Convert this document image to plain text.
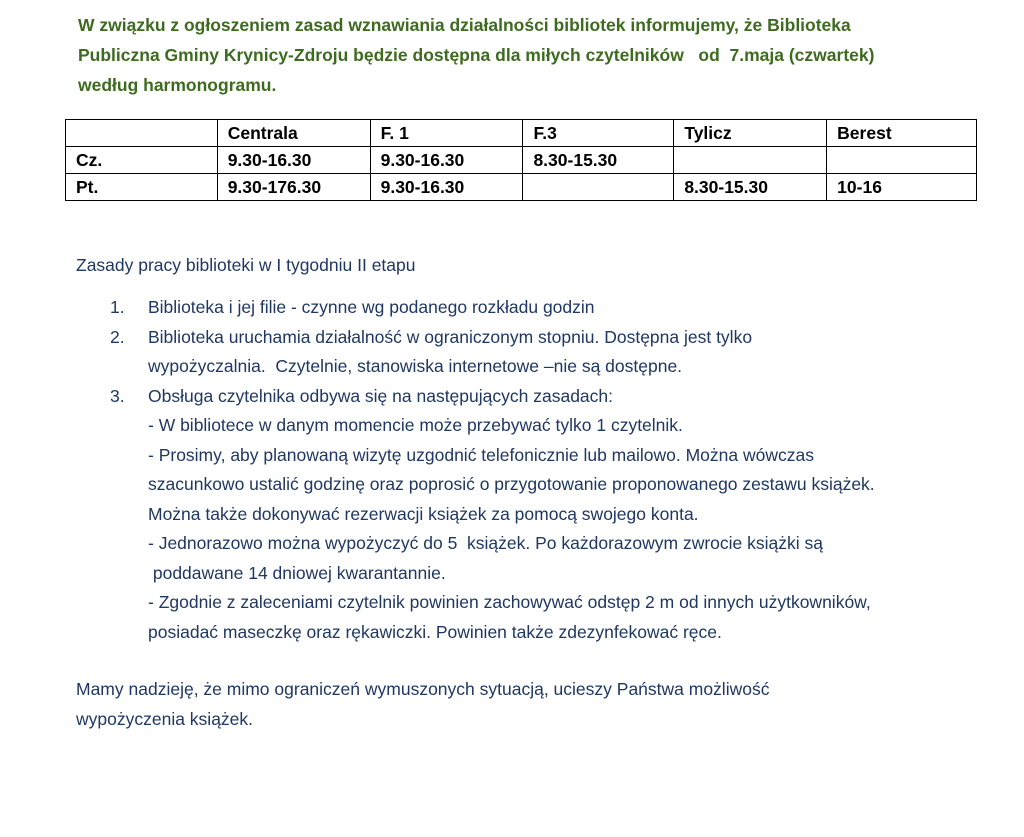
W związku z ogłoszeniem zasad wznawiania działalności bibliotek informujemy, że Biblioteka
Publiczna Gminy Krynicy-Zdroju będzie dostępna dla miłych czytelników   od  7.maja (czwartek)
według harmonogramu.
	Centrala	F. 1	F.3	Tylicz	Berest
Cz.	9.30-16.30	9.30-16.30	8.30-15.30		
Pt.	9.30-176.30	9.30-16.30		8.30-15.30	10-16

Zasady pracy biblioteki w I tygodniu II etapu

1. Biblioteka i jej filie - czynne wg podanego rozkładu godzin
2. Biblioteka uruchamia działalność w ograniczonym stopniu. Dostępna jest tylko
wypożyczalnia.  Czytelnie, stanowiska internetowe –nie są dostępne.
3. Obsługa czytelnika odbywa się na następujących zasadach:
- W bibliotece w danym momencie może przebywać tylko 1 czytelnik.
- Prosimy, aby planowaną wizytę uzgodnić telefonicznie lub mailowo. Można wówczas
szacunkowo ustalić godzinę oraz poprosić o przygotowanie proponowanego zestawu książek.
Można także dokonywać rezerwacji książek za pomocą swojego konta.
- Jednorazowo można wypożyczyć do 5  książek. Po każdorazowym zwrocie książki są
poddawane 14 dniowej kwarantannie.
- Zgodnie z zaleceniami czytelnik powinien zachowywać odstęp 2 m od innych użytkowników,
posiadać maseczkę oraz rękawiczki. Powinien także zdezynfekować ręce.
Mamy nadzieję, że mimo ograniczeń wymuszonych sytuacją, ucieszy Państwa możliwość
wypożyczenia książek.
